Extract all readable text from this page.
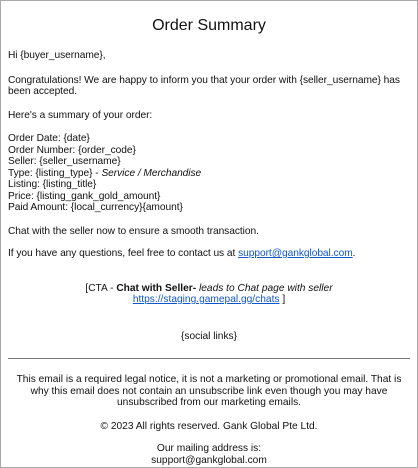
Order Summary

Hi {buyer_username},

Congratulations! We are happy to inform you that your order with {seller_username} has been accepted.

Here's a summary of your order:

Order Date: {date}
Order Number: {order_code}
Seller: {seller_username}
Type: {listing_type} - Service / Merchandise
Listing: {listing_title}
Price: {listing_gank_gold_amount}
Paid Amount: {local_currency}{amount}

Chat with the seller now to ensure a smooth transaction.

If you have any questions, feel free to contact us at support@gankglobal.com.

[CTA - Chat with Seller- leads to Chat page with seller
https://staging.gamepal.gg/chats ]
{social links}
This email is a required legal notice, it is not a marketing or promotional email. That is why this email does not contain an unsubscribe link even though you may have unsubscribed from our marketing emails.
© 2023 All rights reserved. Gank Global Pte Ltd.
Our mailing address is:
support@gankglobal.com
